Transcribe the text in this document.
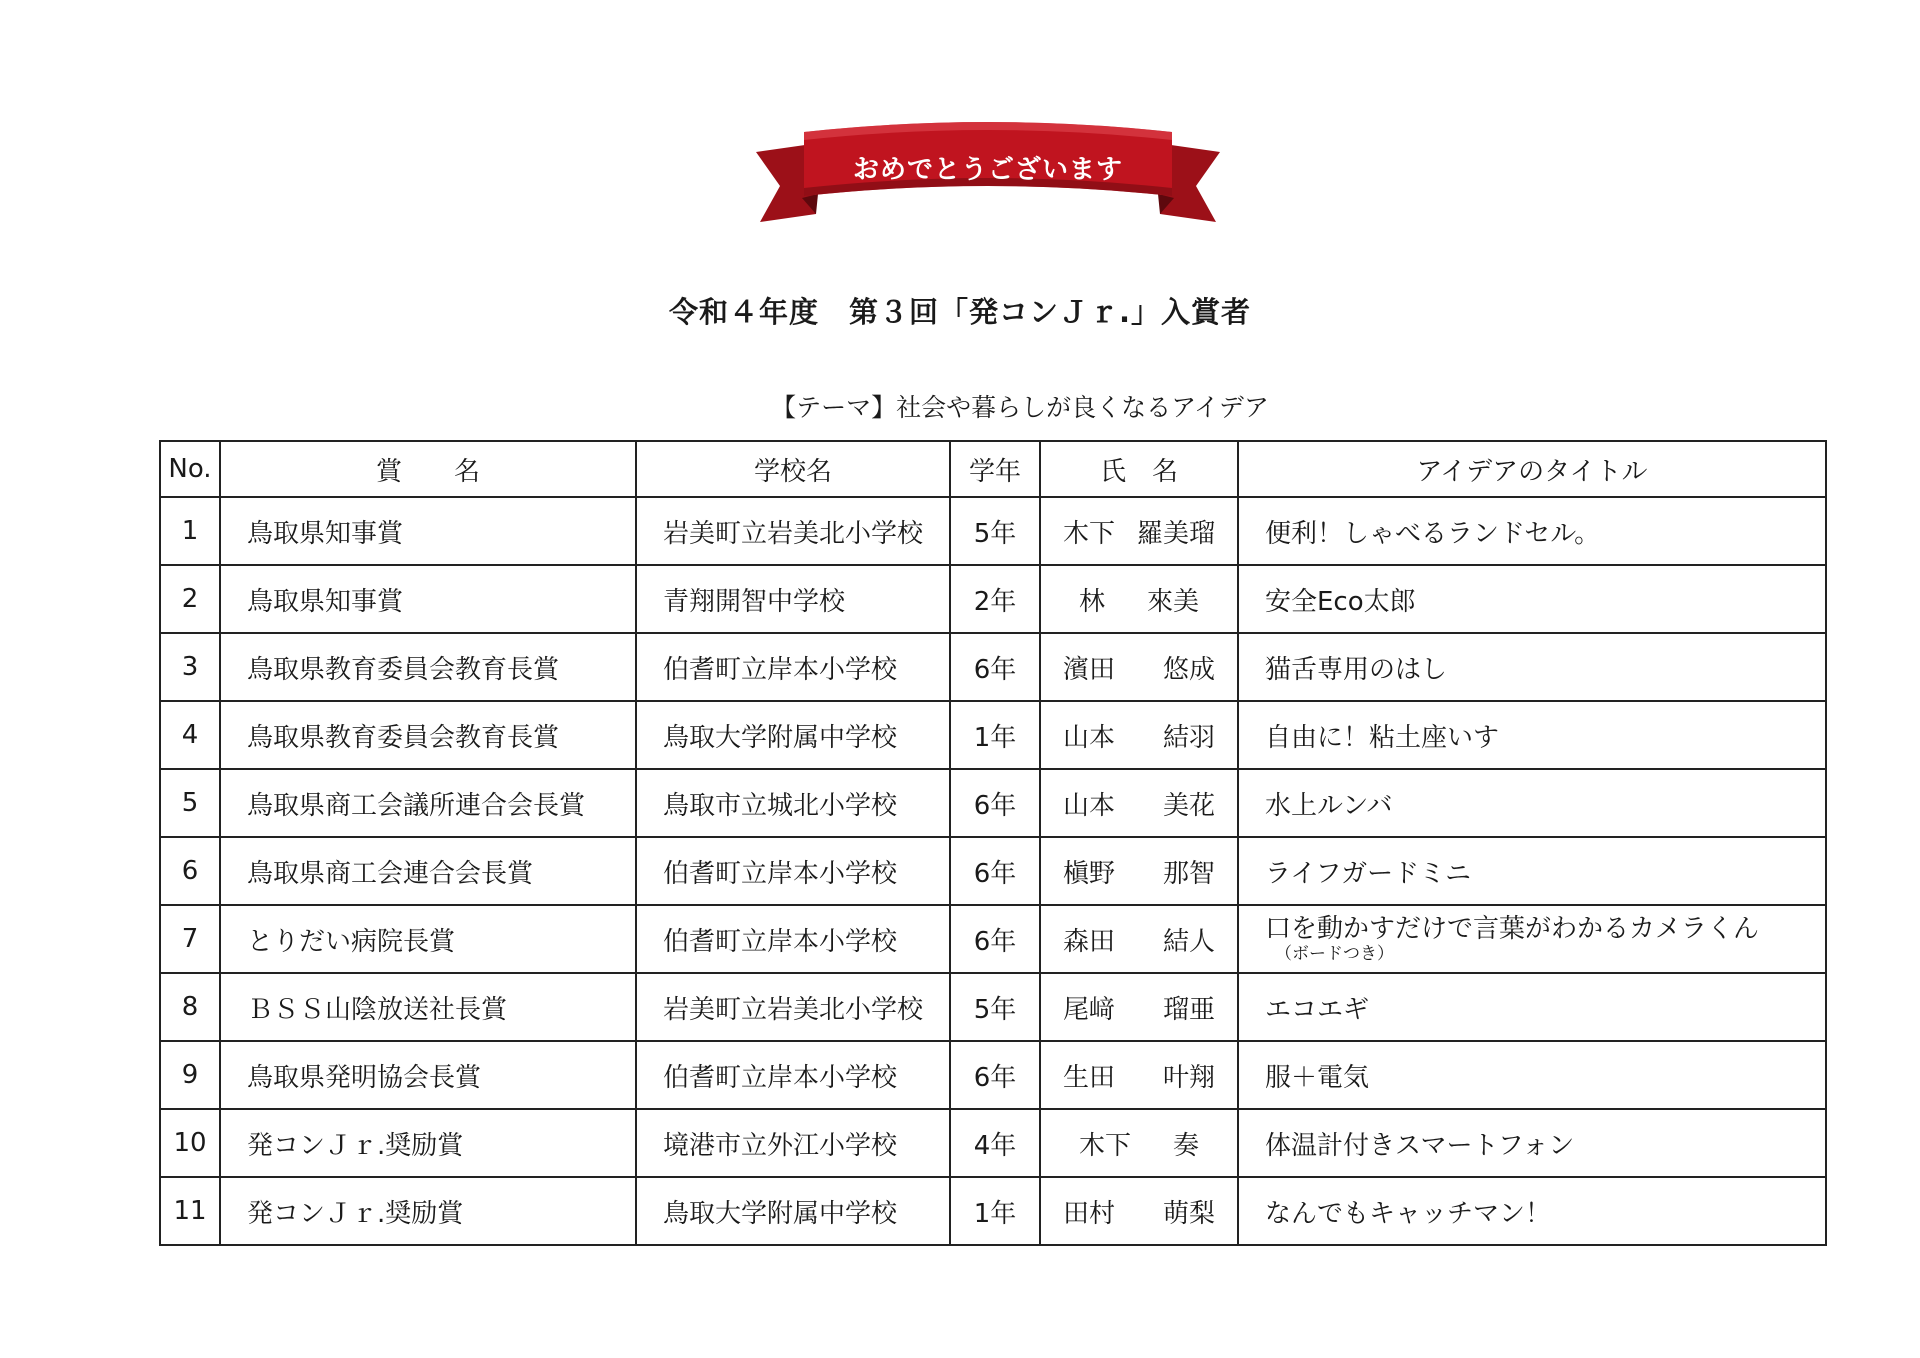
おめでとうございます
令和４年度　第３回「発コンＪｒ.」入賞者
【テーマ】社会や暮らしが良くなるアイデア
No.	賞　　名	学校名	学年	氏　名	アイデアのタイトル
1	鳥取県知事賞	岩美町立岩美北小学校	5年	木下 羅美瑠	便利！しゃべるランドセル。
2	鳥取県知事賞	青翔開智中学校	2年	林 來美	安全Eco太郎
3	鳥取県教育委員会教育長賞	伯耆町立岸本小学校	6年	濱田 悠成	猫舌専用のはし
4	鳥取県教育委員会教育長賞	鳥取大学附属中学校	1年	山本 結羽	自由に！粘土座いす
5	鳥取県商工会議所連合会長賞	鳥取市立城北小学校	6年	山本 美花	水上ルンバ
6	鳥取県商工会連合会長賞	伯耆町立岸本小学校	6年	槇野 那智	ライフガードミニ
7	とりだい病院長賞	伯耆町立岸本小学校	6年	森田 結人	口を動かすだけで言葉がわかるカメラくん
（ボードつき）

8	ＢＳＳ山陰放送社長賞	岩美町立岩美北小学校	5年	尾﨑 瑠亜	エコエギ
9	鳥取県発明協会長賞	伯耆町立岸本小学校	6年	生田 叶翔	服＋電気
10	発コンＪｒ.奨励賞	境港市立外江小学校	4年	木下 奏	体温計付きスマートフォン
11	発コンＪｒ.奨励賞	鳥取大学附属中学校	1年	田村 萌梨	なんでもキャッチマン！
